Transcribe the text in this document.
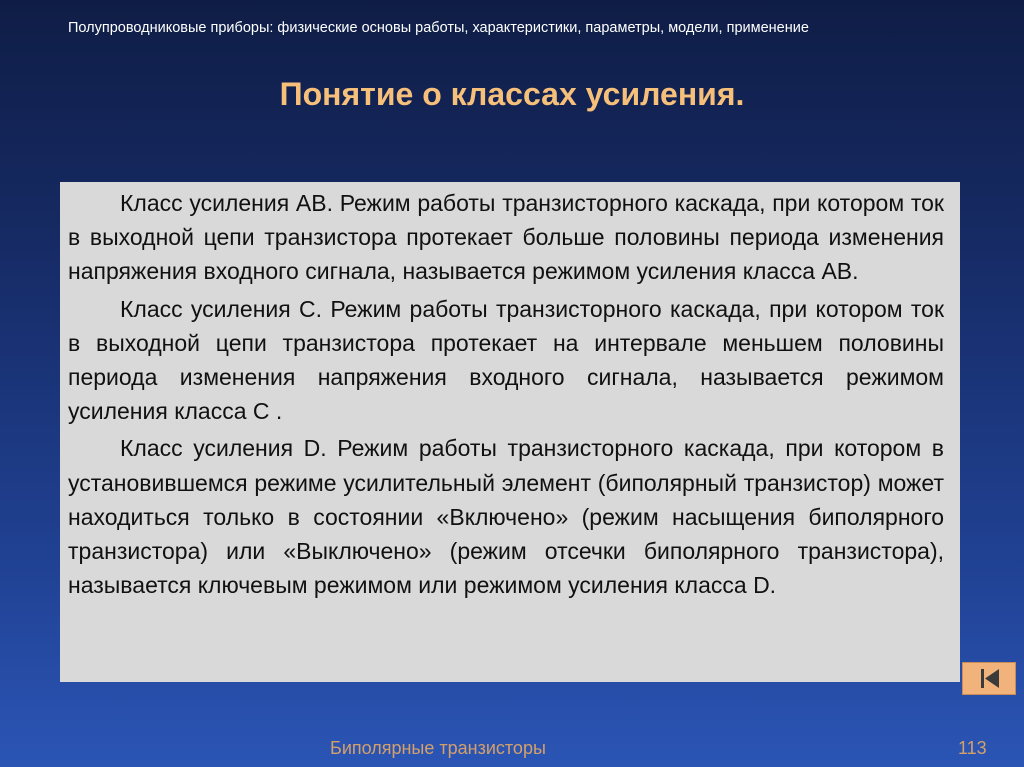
Полупроводниковые приборы: физические основы работы, характеристики, параметры, модели, применение
Понятие о классах усиления.

Класс усиления АВ. Режим работы транзисторного каскада, при котором ток в выходной цепи транзистора протекает больше половины периода изменения напряжения входного сигнала, называется режимом усиления класса АВ.

Класс усиления С. Режим работы транзисторного каскада, при котором ток в выходной цепи транзистора протекает на интервале меньшем половины периода изменения напряжения входного сигнала, называется режимом усиления класса С .

Класс усиления D. Режим работы транзисторного каскада, при котором в установившемся режиме усилительный элемент (биполярный транзистор) может находиться только в состоянии «Включено» (режим насыщения биполярного транзистора) или «Выключено» (режим отсечки биполярного транзистора), называется ключевым режимом или режимом усиления класса D.

Биполярные транзисторы	113
